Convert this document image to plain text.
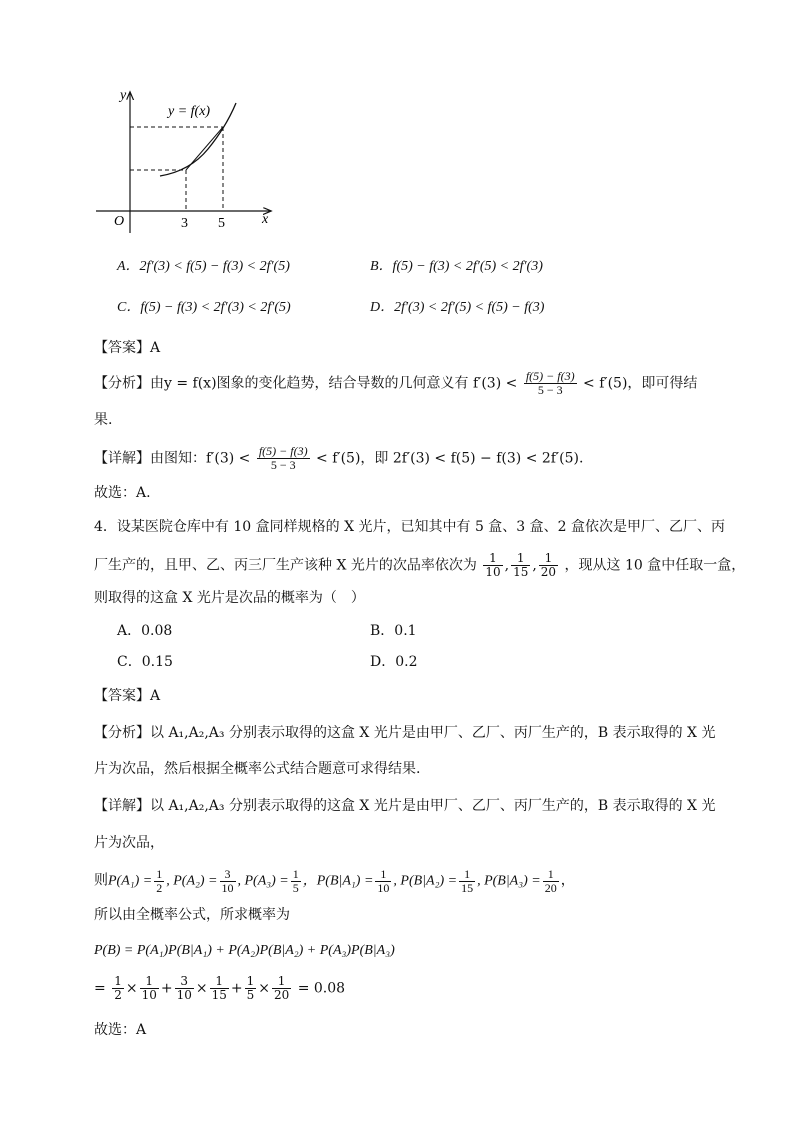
y
x
O
y = f(x)
3 5
A．2f′(3) < f(5) − f(3) < 2f′(5)	B．f(5) − f(3) < 2f′(5) < 2f′(3)
C．f(5) − f(3) < 2f′(3) < 2f′(5)	D．2f′(3) < 2f′(5) < f(5) − f(3)
【答案】A
【分析】由y = f(x)图象的变化趋势，结合导数的几何意义有 $f'(3) < \frac{f(5) - f(3)}{5 - 3} < f'(5)$，即可得结
果.
【详解】由图知：$f'(3) < \frac{f(5) - f(3)}{5 - 3} < f'(5)$，即 2f′(3) < f(5) − f(3) < 2f′(5).
故选：A.
4．设某医院仓库中有 10 盒同样规格的 X 光片，已知其中有 5 盒、3 盒、2 盒依次是甲厂、乙厂、丙
厂生产的，且甲、乙、丙三厂生产该种 X 光片的次品率依次为 $\frac{1}{10}$ , $\frac{1}{15}$ , $\frac{1}{20}$ ，现从这 10 盒中任取一盒，
则取得的这盒 X 光片是次品的概率为（　）
A．0.08	B．0.1
C．0.15	D．0.2
【答案】A
【分析】以 A₁,A₂,A₃ 分别表示取得的这盒 X 光片是由甲厂、乙厂、丙厂生产的，B 表示取得的 X 光
片为次品，然后根据全概率公式结合题意可求得结果.
【详解】以 A₁,A₂,A₃ 分别表示取得的这盒 X 光片是由甲厂、乙厂、丙厂生产的，B 表示取得的 X 光
片为次品，
则$P(A_1) = \frac{1}{2}$ , $P(A_2) = \frac{3}{10}$ , $P(A_3) = \frac{1}{5}$ ，$P(B|A_1) = \frac{1}{10}$ , $P(B|A_2) = \frac{1}{15}$ , $P(B|A_3) = \frac{1}{20}$ ，
所以由全概率公式，所求概率为
P(B) = P(A₁)P(B|A₁) + P(A₂)P(B|A₂) + P(A₃)P(B|A₃)
= $\frac{1}{2} \times \frac{1}{10} + \frac{3}{10} \times \frac{1}{15} + \frac{1}{5} \times \frac{1}{20} = 0.08$
故选：A
